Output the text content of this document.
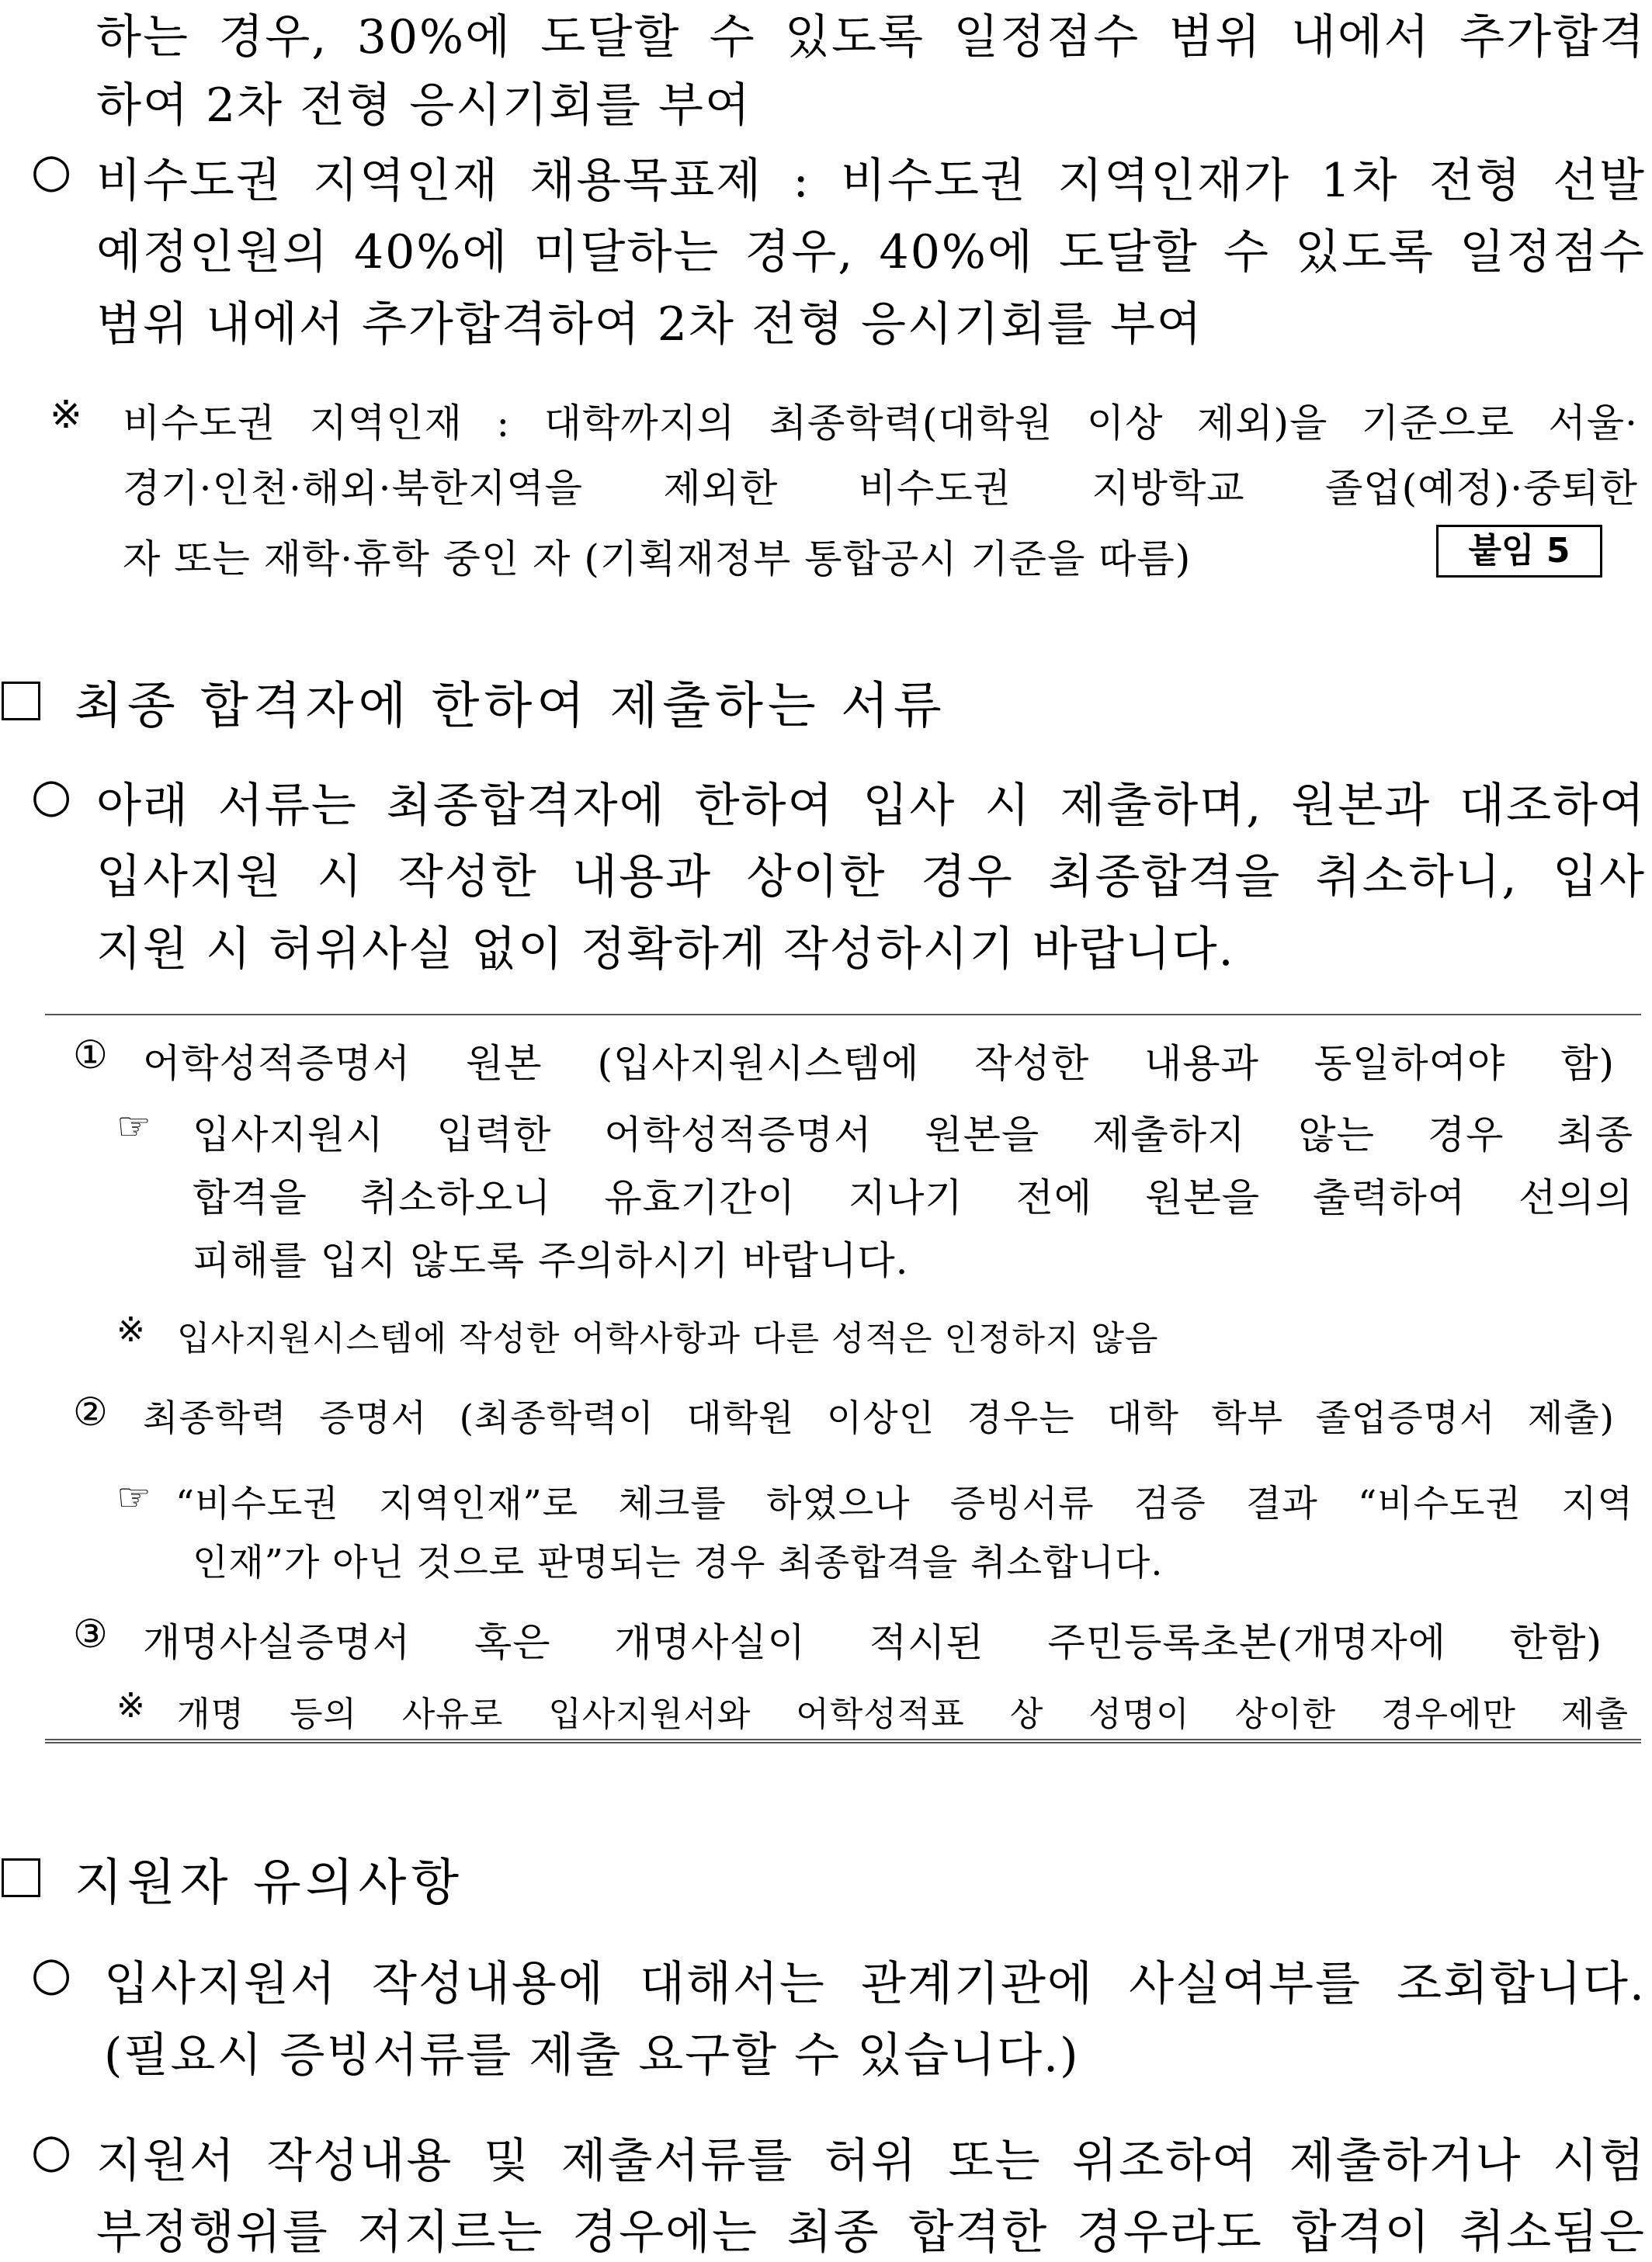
하는 경우, 30%에 도달할 수 있도록 일정점수 범위 내에서 추가합격
하여 2차 전형 응시기회를 부여
○ 비수도권 지역인재 채용목표제 : 비수도권 지역인재가 1차 전형 선발
예정인원의 40%에 미달하는 경우, 40%에 도달할 수 있도록 일정점수
범위 내에서 추가합격하여 2차 전형 응시기회를 부여
※ 비수도권 지역인재 : 대학까지의 최종학력(대학원 이상 제외)을 기준으로 서울·
경기·인천·해외·북한지역을 제외한 비수도권 지방학교 졸업(예정)·중퇴한
자 또는 재학·휴학 중인 자 (기획재정부 통합공시 기준을 따름)	붙임 5
최종 합격자에 한하여 제출하는 서류
○ 아래 서류는 최종합격자에 한하여 입사 시 제출하며, 원본과 대조하여
입사지원 시 작성한 내용과 상이한 경우 최종합격을 취소하니, 입사
지원 시 허위사실 없이 정확하게 작성하시기 바랍니다.
① 어학성적증명서 원본 (입사지원시스템에 작성한 내용과 동일하여야 함)
☞ 입사지원시 입력한 어학성적증명서 원본을 제출하지 않는 경우 최종
합격을 취소하오니 유효기간이 지나기 전에 원본을 출력하여 선의의
피해를 입지 않도록 주의하시기 바랍니다.
※ 입사지원시스템에 작성한 어학사항과 다른 성적은 인정하지 않음
② 최종학력 증명서 (최종학력이 대학원 이상인 경우는 대학 학부 졸업증명서 제출)
☞ “비수도권 지역인재”로 체크를 하였으나 증빙서류 검증 결과 “비수도권 지역
인재”가 아닌 것으로 판명되는 경우 최종합격을 취소합니다.
③ 개명사실증명서 혹은 개명사실이 적시된 주민등록초본(개명자에 한함)
※ 개명 등의 사유로 입사지원서와 어학성적표 상 성명이 상이한 경우에만 제출
지원자 유의사항
○ 입사지원서 작성내용에 대해서는 관계기관에 사실여부를 조회합니다.
(필요시 증빙서류를 제출 요구할 수 있습니다.)
○ 지원서 작성내용 및 제출서류를 허위 또는 위조하여 제출하거나 시험
부정행위를 저지르는 경우에는 최종 합격한 경우라도 합격이 취소됨은
